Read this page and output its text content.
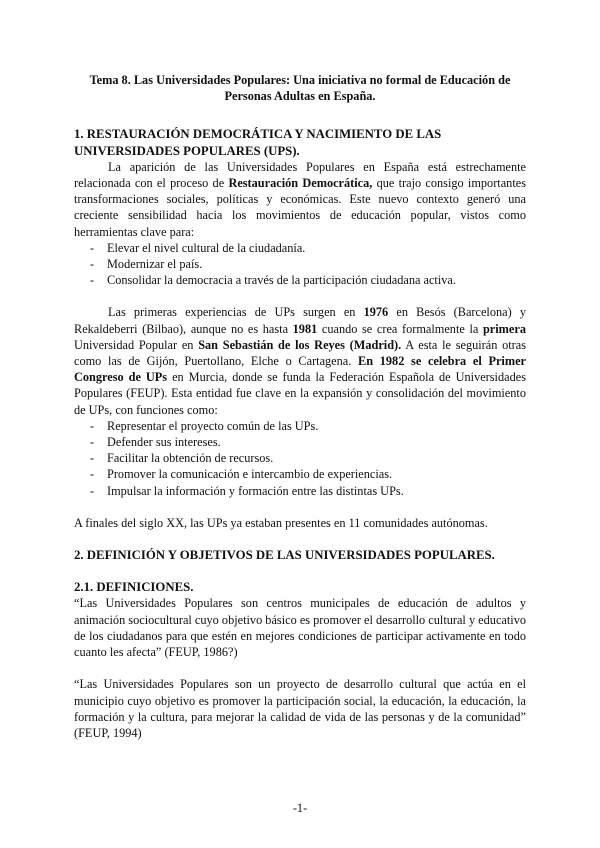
Tema 8. Las Universidades Populares: Una iniciativa no formal de Educación de
Personas Adultas en España.
1. RESTAURACIÓN DEMOCRÁTICA Y NACIMIENTO DE LAS UNIVERSIDADES POPULARES (UPS).

La aparición de las Universidades Populares en España está estrechamente relacionada con el proceso de Restauración Democrática, que trajo consigo importantes transformaciones sociales, políticas y económicas. Este nuevo contexto generó una creciente sensibilidad hacia los movimientos de educación popular, vistos como herramientas clave para:

- Elevar el nivel cultural de la ciudadanía.
- Modernizar el país.
- Consolidar la democracia a través de la participación ciudadana activa.

Las primeras experiencias de UPs surgen en 1976 en Besós (Barcelona) y Rekaldeberri (Bilbao), aunque no es hasta 1981 cuando se crea formalmente la primera Universidad Popular en San Sebastián de los Reyes (Madrid). A esta le seguirán otras como las de Gijón, Puertollano, Elche o Cartagena. En 1982 se celebra el Primer Congreso de UPs en Murcia, donde se funda la Federación Española de Universidades Populares (FEUP). Esta entidad fue clave en la expansión y consolidación del movimiento de UPs, con funciones como:

- Representar el proyecto común de las UPs.
- Defender sus intereses.
- Facilitar la obtención de recursos.
- Promover la comunicación e intercambio de experiencias.
- Impulsar la información y formación entre las distintas UPs.

A finales del siglo XX, las UPs ya estaban presentes en 11 comunidades autónomas.

2. DEFINICIÓN Y OBJETIVOS DE LAS UNIVERSIDADES POPULARES.
2.1. DEFINICIONES.

“Las Universidades Populares son centros municipales de educación de adultos y animación sociocultural cuyo objetivo básico es promover el desarrollo cultural y educativo de los ciudadanos para que estén en mejores condiciones de participar activamente en todo cuanto les afecta” (FEUP, 1986?)

“Las Universidades Populares son un proyecto de desarrollo cultural que actúa en el municipio cuyo objetivo es promover la participación social, la educación, la educación, la formación y la cultura, para mejorar la calidad de vida de las personas y de la comunidad” (FEUP, 1994)

-1-
